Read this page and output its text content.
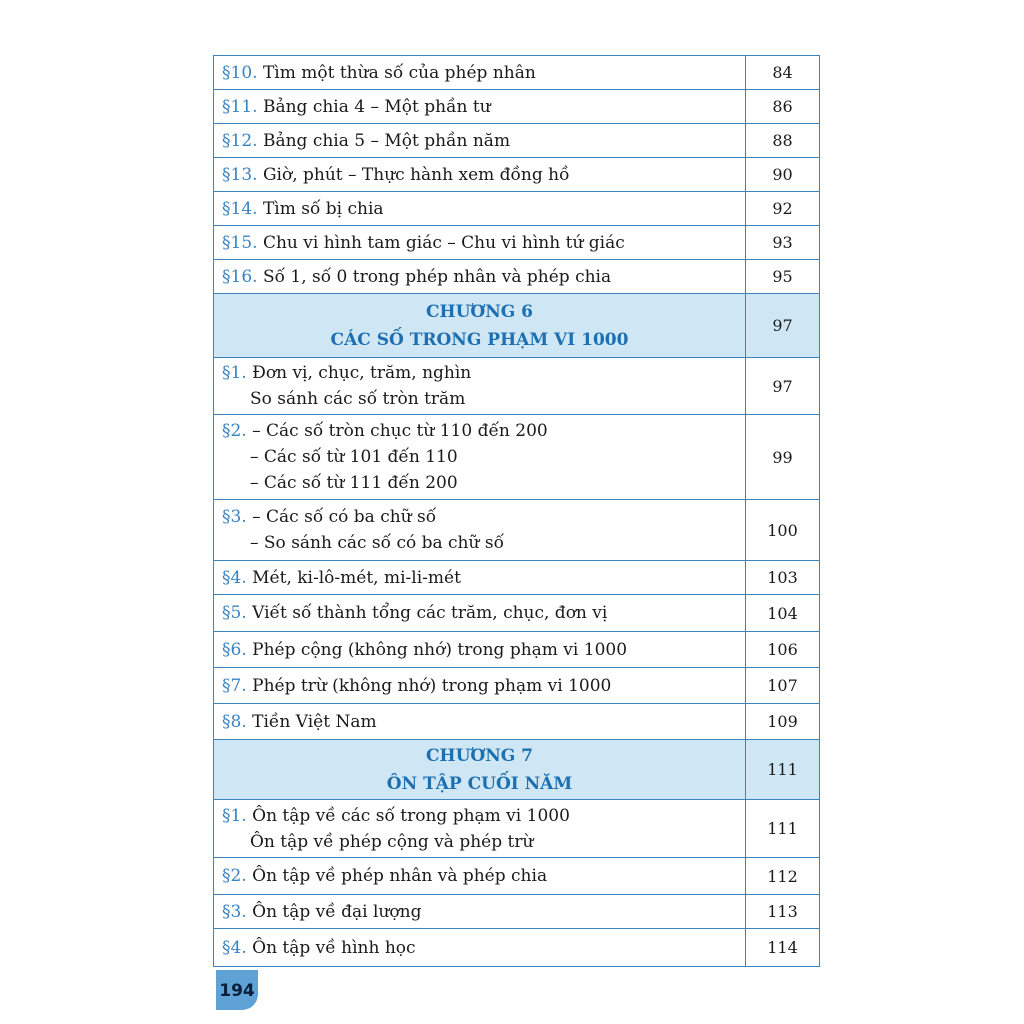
§10. Tìm một thừa số của phép nhân	84

§11. Bảng chia 4 – Một phần tư	86

§12. Bảng chia 5 – Một phần năm	88

§13. Giờ, phút – Thực hành xem đồng hồ	90

§14. Tìm số bị chia	92

§15. Chu vi hình tam giác – Chu vi hình tứ giác	93

§16. Số 1, số 0 trong phép nhân và phép chia	95

CHƯƠNG 6
CÁC SỐ TRONG PHẠM VI 1000	97

§1. Đơn vị, chục, trăm, nghìn
So sánh các số tròn trăm	97

§2. – Các số tròn chục từ 110 đến 200
– Các số từ 101 đến 110
– Các số từ 111 đến 200	99

§3. – Các số có ba chữ số
– So sánh các số có ba chữ số	100

§4. Mét, ki-lô-mét, mi-li-mét	103

§5. Viết số thành tổng các trăm, chục, đơn vị	104

§6. Phép cộng (không nhớ) trong phạm vi 1000	106

§7. Phép trừ (không nhớ) trong phạm vi 1000	107

§8. Tiền Việt Nam	109

CHƯƠNG 7
ÔN TẬP CUỐI NĂM	111

§1. Ôn tập về các số trong phạm vi 1000
Ôn tập về phép cộng và phép trừ	111

§2. Ôn tập về phép nhân và phép chia	112

§3. Ôn tập về đại lượng	113

§4. Ôn tập về hình học	114
194
